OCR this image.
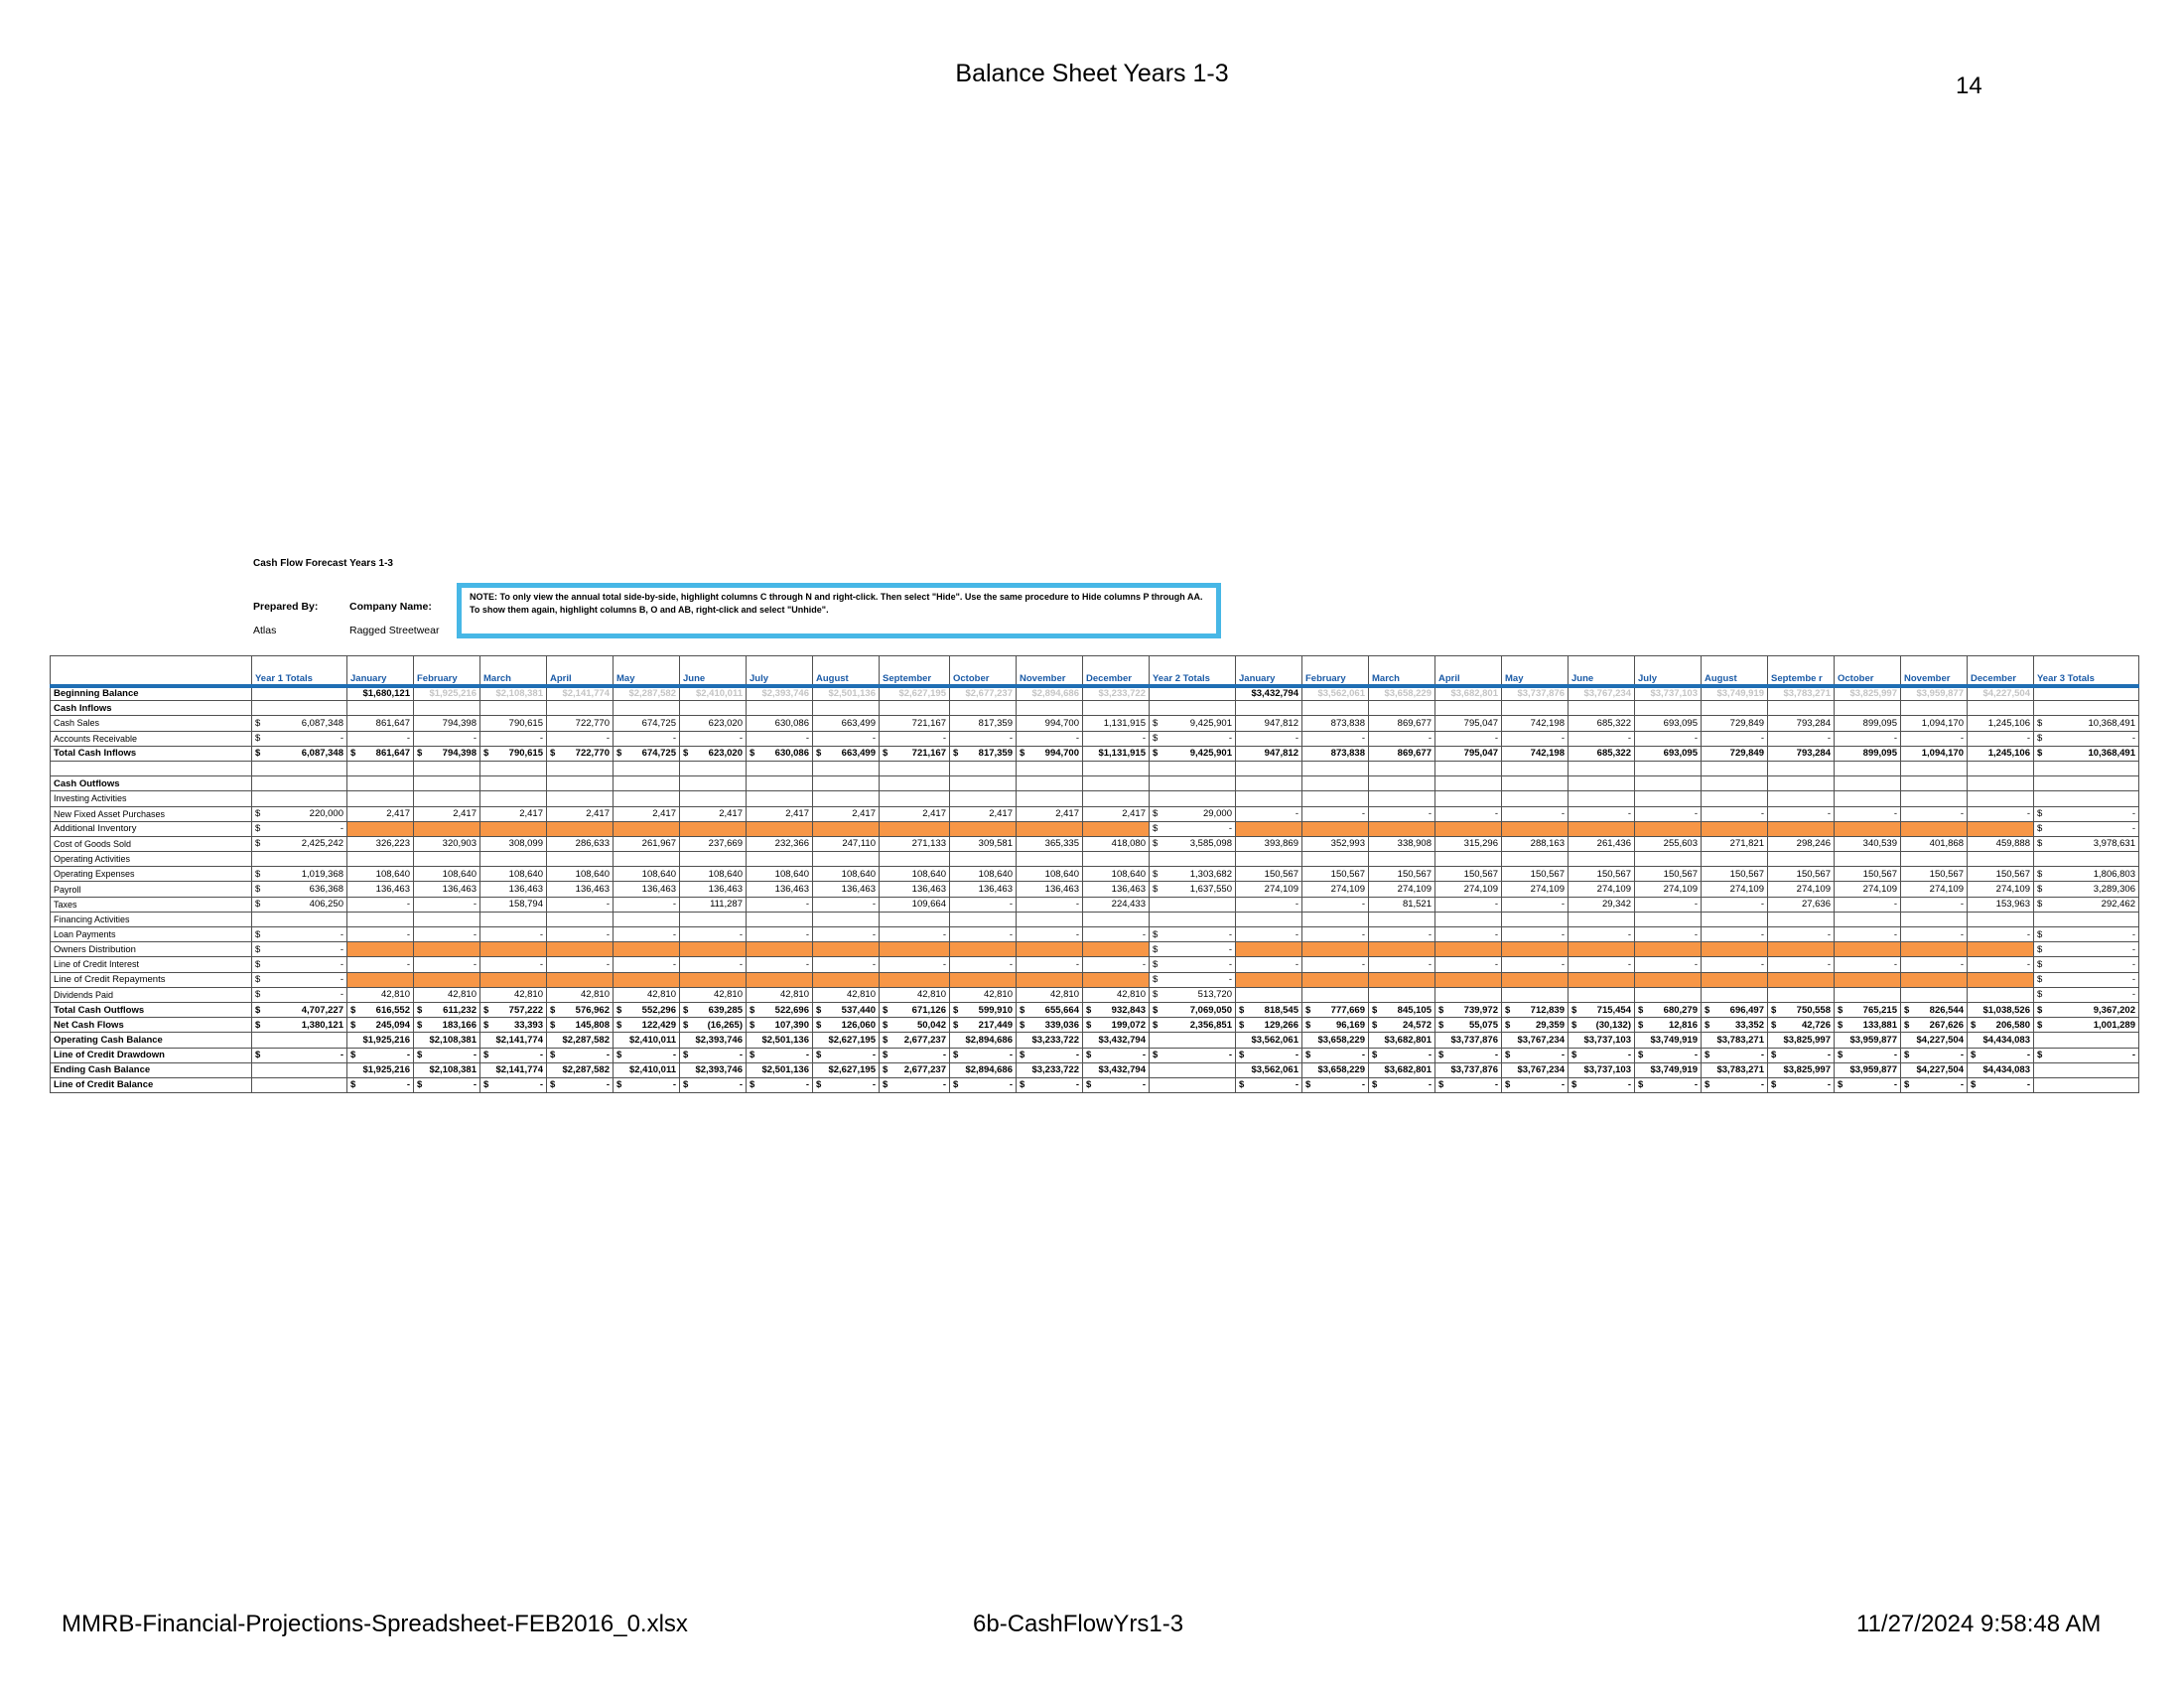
Balance Sheet Years 1-3	14
Cash Flow Forecast Years 1-3
Prepared By:
Atlas
Company Name:
Ragged Streetwear
NOTE: To only view the annual total side-by-side, highlight columns C through N and right-click. Then select "Hide". Use the same procedure to Hide columns P through AA. To show them again, highlight columns B, O and AB, right-click and select "Unhide".
	Year 1 Totals	January	February	March	April	May	June	July	August	September	October	November	December	Year 2 Totals	January	February	March	April	May	June	July	August	Septembe r	October	November	December	Year 3 Totals
Beginning Balance		$1,680,121	$1,925,216	$2,108,381	$2,141,774	$2,287,582	$2,410,011	$2,393,746	$2,501,136	$2,627,195	$2,677,237	$2,894,686	$3,233,722		$3,432,794	$3,562,061	$3,658,229	$3,682,801	$3,737,876	$3,767,234	$3,737,103	$3,749,919	$3,783,271	$3,825,997	$3,959,877	$4,227,504	
Cash Inflows																											
Cash Sales	$ 6,087,348	861,647	794,398	790,615	722,770	674,725	623,020	630,086	663,499	721,167	817,359	994,700	1,131,915	$ 9,425,901	947,812	873,838	869,677	795,047	742,198	685,322	693,095	729,849	793,284	899,095	1,094,170	1,245,106	$ 10,368,491

Accounts Receivable	$ -	-	-	-	-	-	-	-	-	-	-	-	-	$ -	-	-	-	-	-	-	-	-	-	-	-	-	$ -

Total Cash Inflows	$ 6,087,348	$ 861,647	$ 794,398	$ 790,615	$ 722,770	$ 674,725	$ 623,020	$ 630,086	$ 663,499	$ 721,167	$ 817,359	$ 994,700	$1,131,915	$ 9,425,901	947,812	873,838	869,677	795,047	742,198	685,322	693,095	729,849	793,284	899,095	1,094,170	1,245,106	$ 10,368,491

Cash Outflows																											
Investing Activities																											
New Fixed Asset Purchases	$ 220,000	2,417	2,417	2,417	2,417	2,417	2,417	2,417	2,417	2,417	2,417	2,417	2,417	$ 29,000	-	-	-	-	-	-	-	-	-	-	-	-	$ -

Additional Inventory	$ -													$ -													$ -

Cost of Goods Sold	$ 2,425,242	326,223	320,903	308,099	286,633	261,967	237,669	232,366	247,110	271,133	309,581	365,335	418,080	$ 3,585,098	393,869	352,993	338,908	315,296	288,163	261,436	255,603	271,821	298,246	340,539	401,868	459,888	$ 3,978,631

Operating Activities																											
Operating Expenses	$ 1,019,368	108,640	108,640	108,640	108,640	108,640	108,640	108,640	108,640	108,640	108,640	108,640	108,640	$ 1,303,682	150,567	150,567	150,567	150,567	150,567	150,567	150,567	150,567	150,567	150,567	150,567	150,567	$ 1,806,803

Payroll	$ 636,368	136,463	136,463	136,463	136,463	136,463	136,463	136,463	136,463	136,463	136,463	136,463	136,463	$ 1,637,550	274,109	274,109	274,109	274,109	274,109	274,109	274,109	274,109	274,109	274,109	274,109	274,109	$ 3,289,306

Taxes	$ 406,250	-	-	158,794	-	-	111,287	-	-	109,664	-	-	224,433		-	-	81,521	-	-	29,342	-	-	27,636	-	-	153,963	$ 292,462

Financing Activities																											
Loan Payments	$ -	-	-	-	-	-	-	-	-	-	-	-	-	$ -	-	-	-	-	-	-	-	-	-	-	-	-	$ -

Owners Distribution	$ -													$ -													$ -

Line of Credit Interest	$ -	-	-	-	-	-	-	-	-	-	-	-	-	$ -	-	-	-	-	-	-	-	-	-	-	-	-	$ -

Line of Credit Repayments	$ -													$ -													$ -

Dividends Paid	$ -	42,810	42,810	42,810	42,810	42,810	42,810	42,810	42,810	42,810	42,810	42,810	42,810	$ 513,720													$ -

Total Cash Outflows	$ 4,707,227	$ 616,552	$ 611,232	$ 757,222	$ 576,962	$ 552,296	$ 639,285	$ 522,696	$ 537,440	$ 671,126	$ 599,910	$ 655,664	$ 932,843	$ 7,069,050	$ 818,545	$ 777,669	$ 845,105	$ 739,972	$ 712,839	$ 715,454	$ 680,279	$ 696,497	$ 750,558	$ 765,215	$ 826,544	$1,038,526	$ 9,367,202

Net Cash Flows	$ 1,380,121	$ 245,094	$ 183,166	$ 33,393	$ 145,808	$ 122,429	$ (16,265)	$ 107,390	$ 126,060	$ 50,042	$ 217,449	$ 339,036	$ 199,072	$ 2,356,851	$ 129,266	$ 96,169	$ 24,572	$ 55,075	$ 29,359	$ (30,132)	$ 12,816	$ 33,352	$ 42,726	$ 133,881	$ 267,626	$ 206,580	$ 1,001,289

Operating Cash Balance		$1,925,216	$2,108,381	$2,141,774	$2,287,582	$2,410,011	$2,393,746	$2,501,136	$2,627,195	$ 2,677,237	$2,894,686	$3,233,722	$3,432,794		$3,562,061	$3,658,229	$3,682,801	$3,737,876	$3,767,234	$3,737,103	$3,749,919	$3,783,271	$3,825,997	$3,959,877	$4,227,504	$4,434,083	
Line of Credit Drawdown	$ -	$ -	$ -	$ -	$ -	$ -	$ -	$ -	$ -	$ -	$ -	$ -	$ -	$ -	$ -	$ -	$ -	$ -	$ -	$ -	$ -	$ -	$ -	$ -	$ -	$ -	$ -

Ending Cash Balance		$1,925,216	$2,108,381	$2,141,774	$2,287,582	$2,410,011	$2,393,746	$2,501,136	$2,627,195	$ 2,677,237	$2,894,686	$3,233,722	$3,432,794		$3,562,061	$3,658,229	$3,682,801	$3,737,876	$3,767,234	$3,737,103	$3,749,919	$3,783,271	$3,825,997	$3,959,877	$4,227,504	$4,434,083	
Line of Credit Balance		$ -	$ -	$ -	$ -	$ -	$ -	$ -	$ -	$ -	$ -	$ -	$ -		$ -	$ -	$ -	$ -	$ -	$ -	$ -	$ -	$ -	$ -	$ -	$ -	

MMRB-Financial-Projections-Spreadsheet-FEB2016_0.xlsx	6b-CashFlowYrs1-3	11/27/2024 9:58:48 AM
